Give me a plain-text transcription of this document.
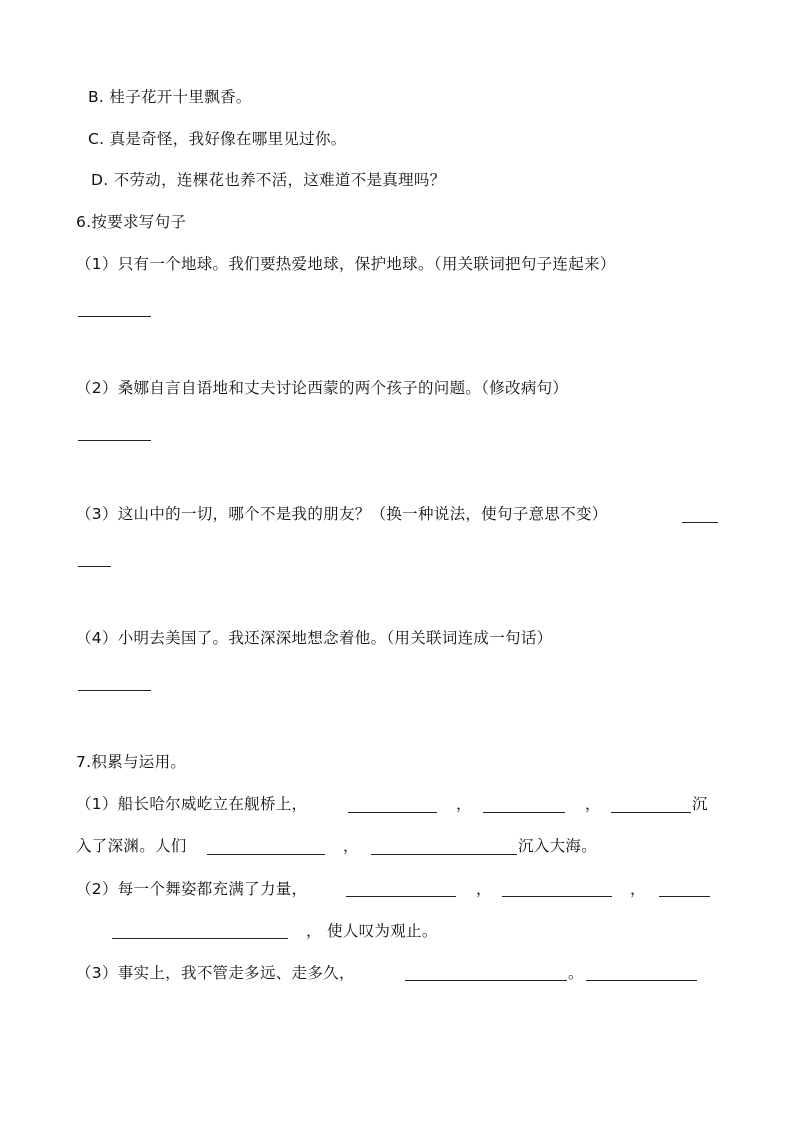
B. 桂子花开十里飘香。
C. 真是奇怪，我好像在哪里见过你。
D. 不劳动，连棵花也养不活，这难道不是真理吗？
6.按要求写句子
（1）只有一个地球。我们要热爱地球，保护地球。（用关联词把句子连起来）
（2）桑娜自言自语地和丈夫讨论西蒙的两个孩子的问题。（修改病句）
（3）这山中的一切，哪个不是我的朋友？（换一种说法，使句子意思不变）
（4）小明去美国了。我还深深地想念着他。（用关联词连成一句话）
7.积累与运用。
（1）船长哈尔威屹立在舰桥上，	，	，	沉
入了深渊。人们	，	沉入大海。
（2）每一个舞姿都充满了力量，	，	，
， 使人叹为观止。
（3）事实上，我不管走多远、走多久，	。
